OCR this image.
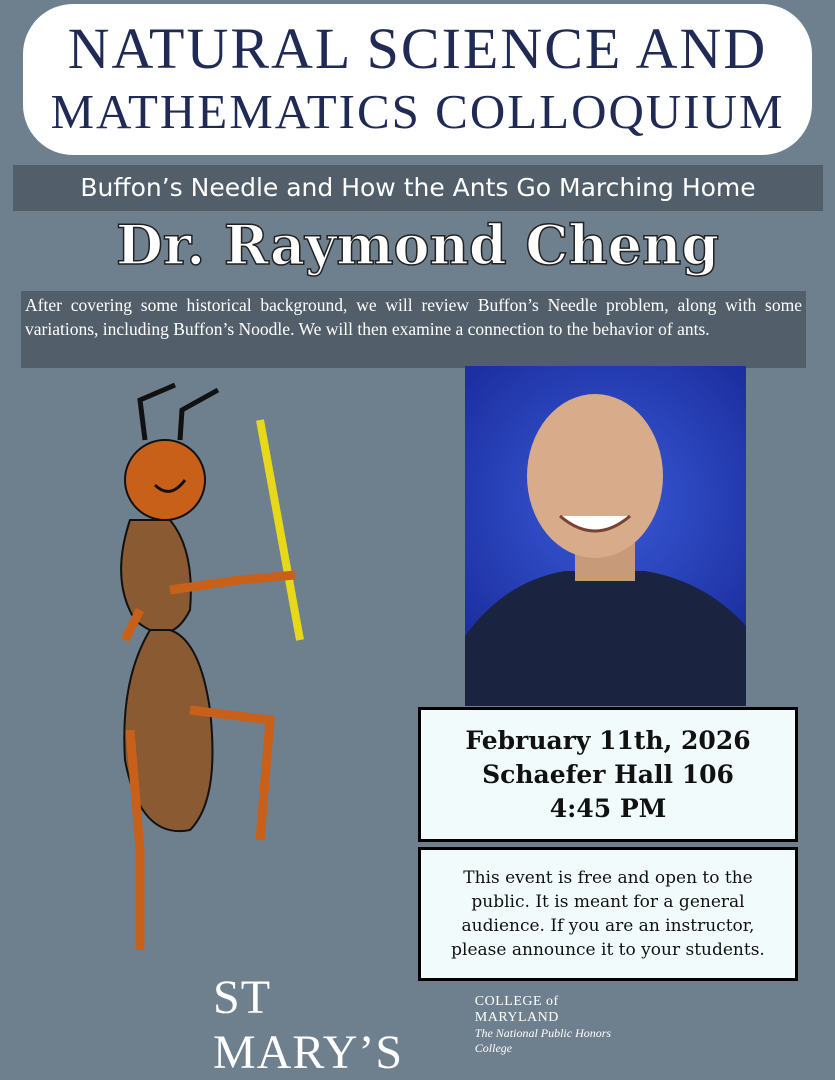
NATURAL SCIENCE AND
MATHEMATICS COLLOQUIUM
Buffon’s Needle and How the Ants Go Marching Home
Dr. Raymond Cheng
After covering some historical background, we will review Buffon’s Needle problem, along with some variations, including Buffon’s Noodle. We will then examine a connection to the behavior of ants.
February 11th, 2026
Schaefer Hall 106
4:45 PM
This event is free and open to the
public. It is meant for a general
audience. If you are an instructor,
please announce it to your students.
ST MARY’S
COLLEGE of MARYLAND
The National Public Honors College
